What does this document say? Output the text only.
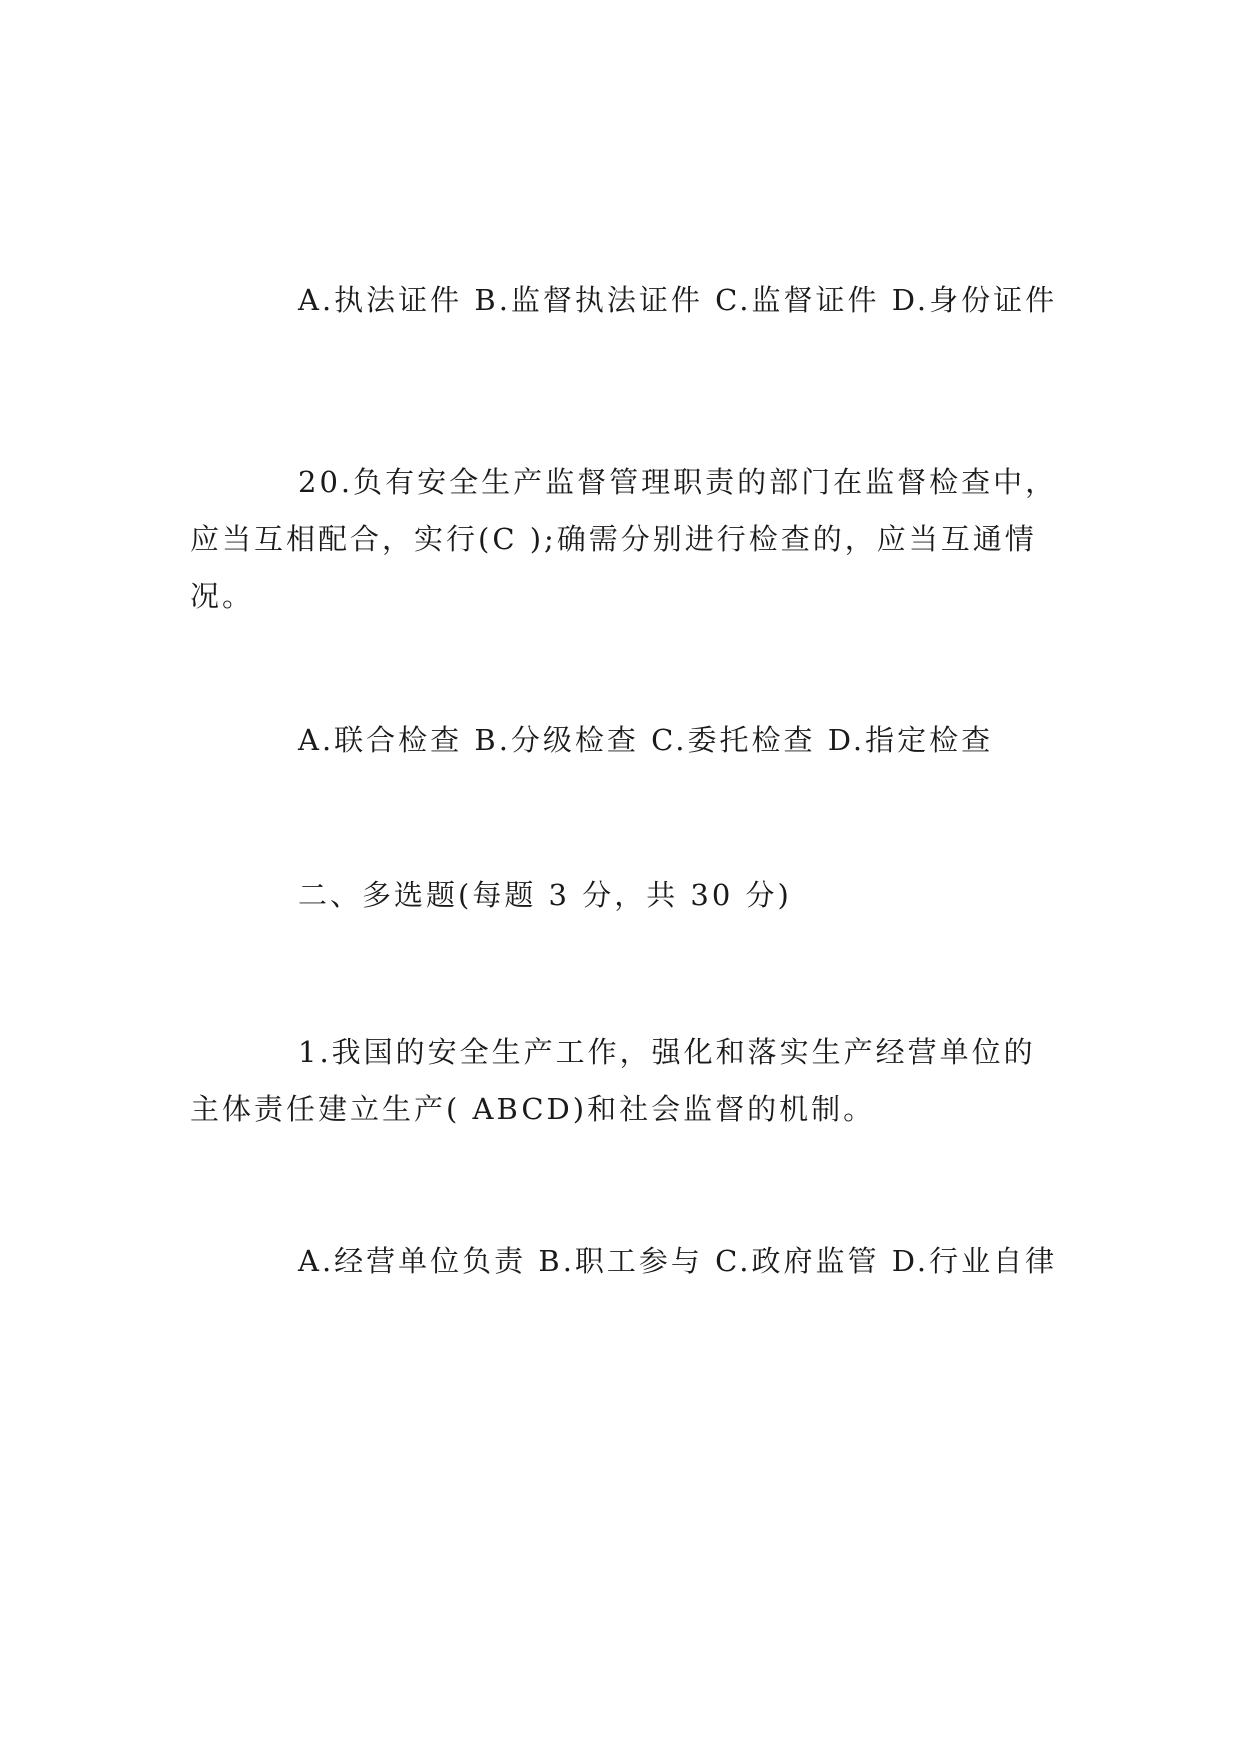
A.执法证件 B.监督执法证件 C.监督证件 D.身份证件

20.负有安全生产监督管理职责的部门在监督检查中，应当互相配合，实行(C );确需分别进行检查的，应当互通情况。

A.联合检查 B.分级检查 C.委托检查 D.指定检查

二、多选题(每题 3 分，共 30 分)

1.我国的安全生产工作，强化和落实生产经营单位的主体责任建立生产( ABCD)和社会监督的机制。

A.经营单位负责 B.职工参与 C.政府监管 D.行业自律
